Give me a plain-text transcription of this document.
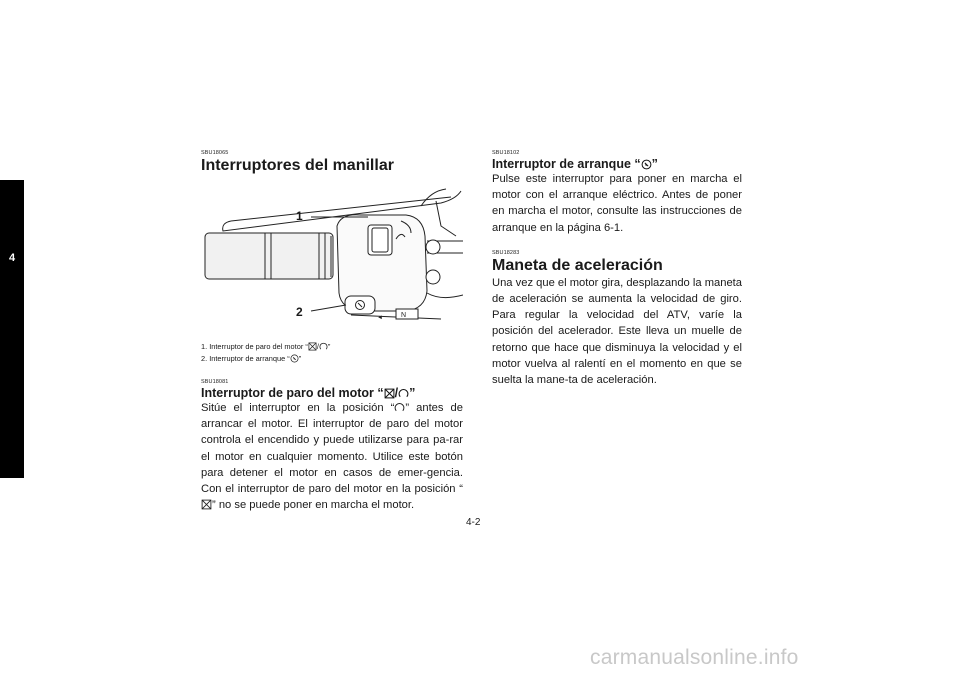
4

SBU18065

Interruptores del manillar

◄	N
1
2

1. Interruptor de paro del motor “ / ”

2. Interruptor de arranque “ ”

SBU18081

Interruptor de paro del motor “ / ”

Sitúe el interruptor en la posición “ ” antes de arrancar el motor. El interruptor de paro del motor controla el encendido y puede utilizarse para pa-rar el motor en cualquier momento. Utilice este botón para detener el motor en casos de emer-gencia. Con el interruptor de paro del motor en la posición “” no se puede poner en marcha el motor.

SBU18102

Interruptor de arranque “ ”

Pulse este interruptor para poner en marcha el motor con el arranque eléctrico. Antes de poner en marcha el motor, consulte las instrucciones de arranque en la página 6-1.

SBU18283

Maneta de aceleración

Una vez que el motor gira, desplazando la maneta de aceleración se aumenta la velocidad de giro. Para regular la velocidad del ATV, varíe la posición del acelerador. Este lleva un muelle de retorno que hace que disminuya la velocidad y el motor vuelva al ralentí en el momento en que se suelta la mane-ta de aceleración.

4-2
carmanualsonline.info
